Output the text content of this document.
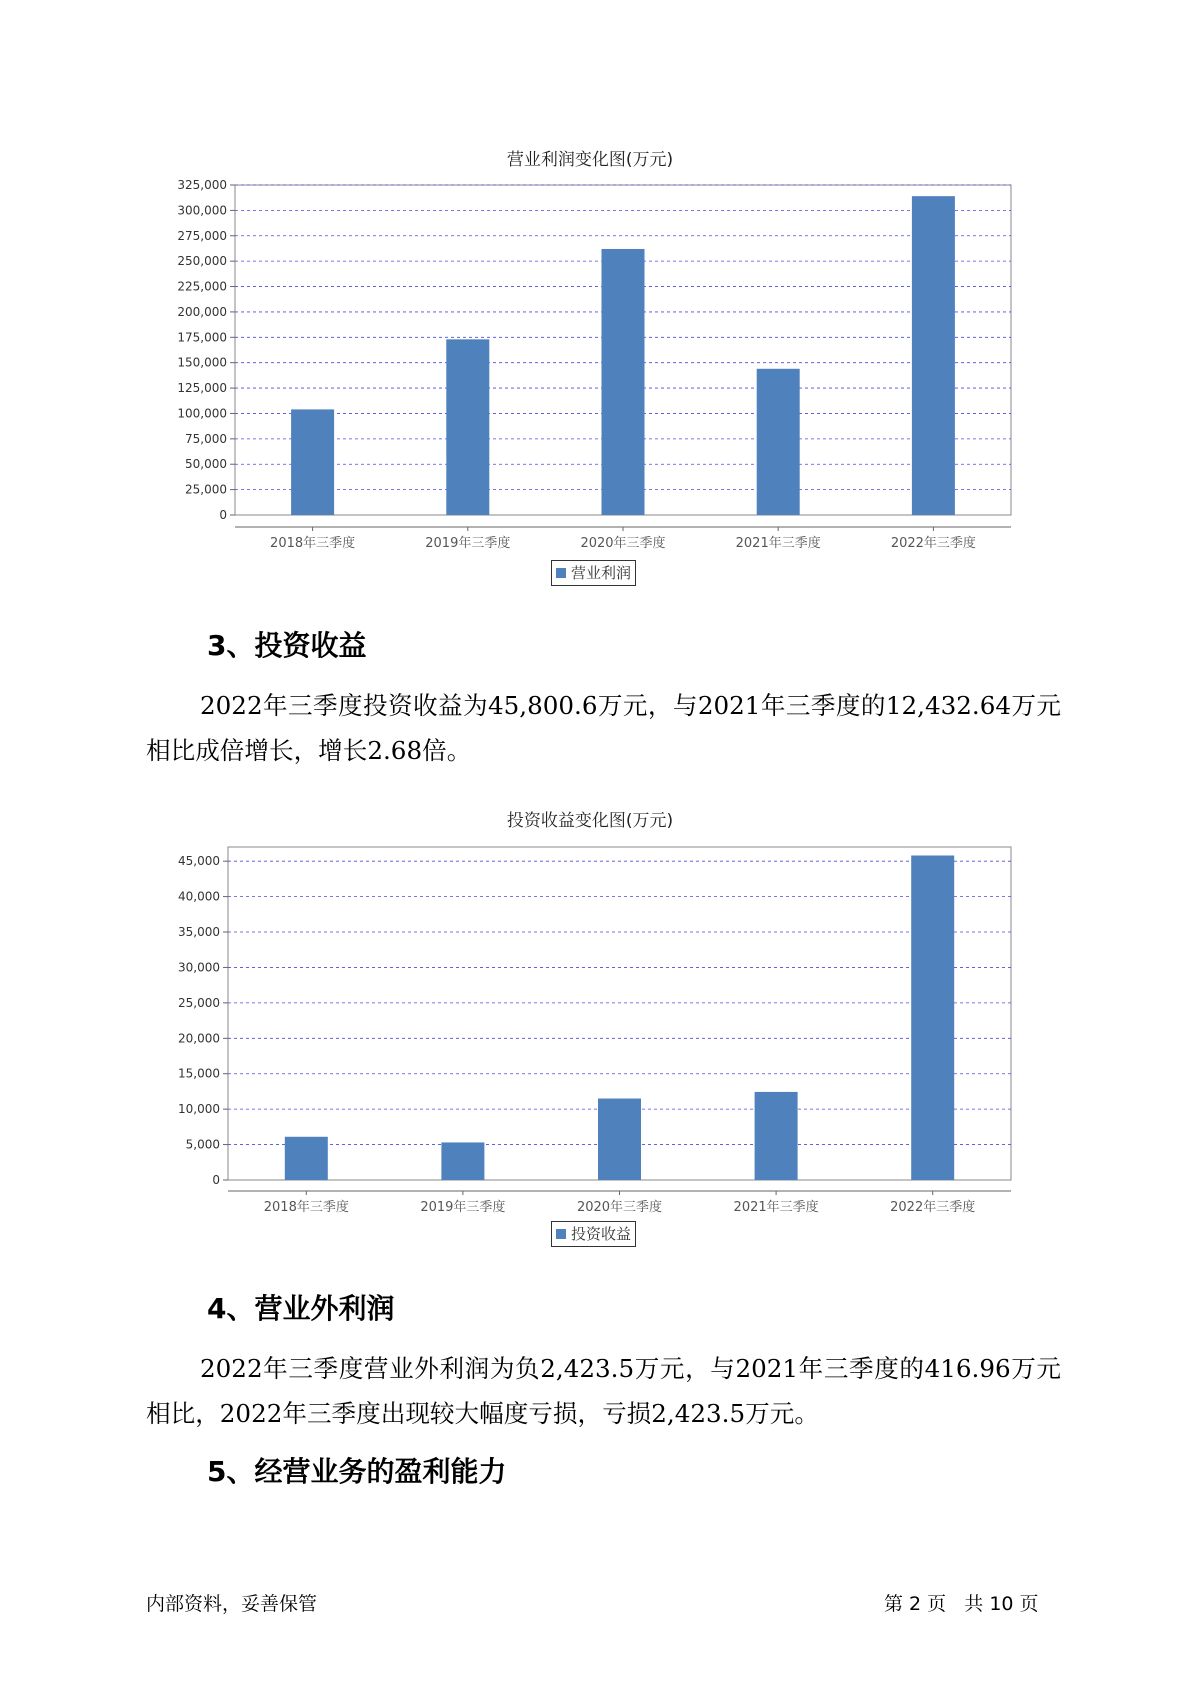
营业利润变化图(万元)
0
25,000
50,000
75,000
100,000
125,000
150,000
175,000
200,000
225,000
250,000
275,000
300,000
325,000
2018年三季度	2019年三季度	2020年三季度	2021年三季度	2022年三季度
营业利润
3、投资收益
2022年三季度投资收益为45,800.6万元，与2021年三季度的12,432.64万元相比成倍增长，增长2.68倍。
投资收益变化图(万元)
0
5,000
10,000
15,000
20,000
25,000
30,000
35,000
40,000
45,000
2018年三季度	2019年三季度	2020年三季度	2021年三季度	2022年三季度
投资收益
4、营业外利润
2022年三季度营业外利润为负2,423.5万元，与2021年三季度的416.96万元相比，2022年三季度出现较大幅度亏损，亏损2,423.5万元。
5、经营业务的盈利能力
内部资料，妥善保管	第 2 页   共 10 页
